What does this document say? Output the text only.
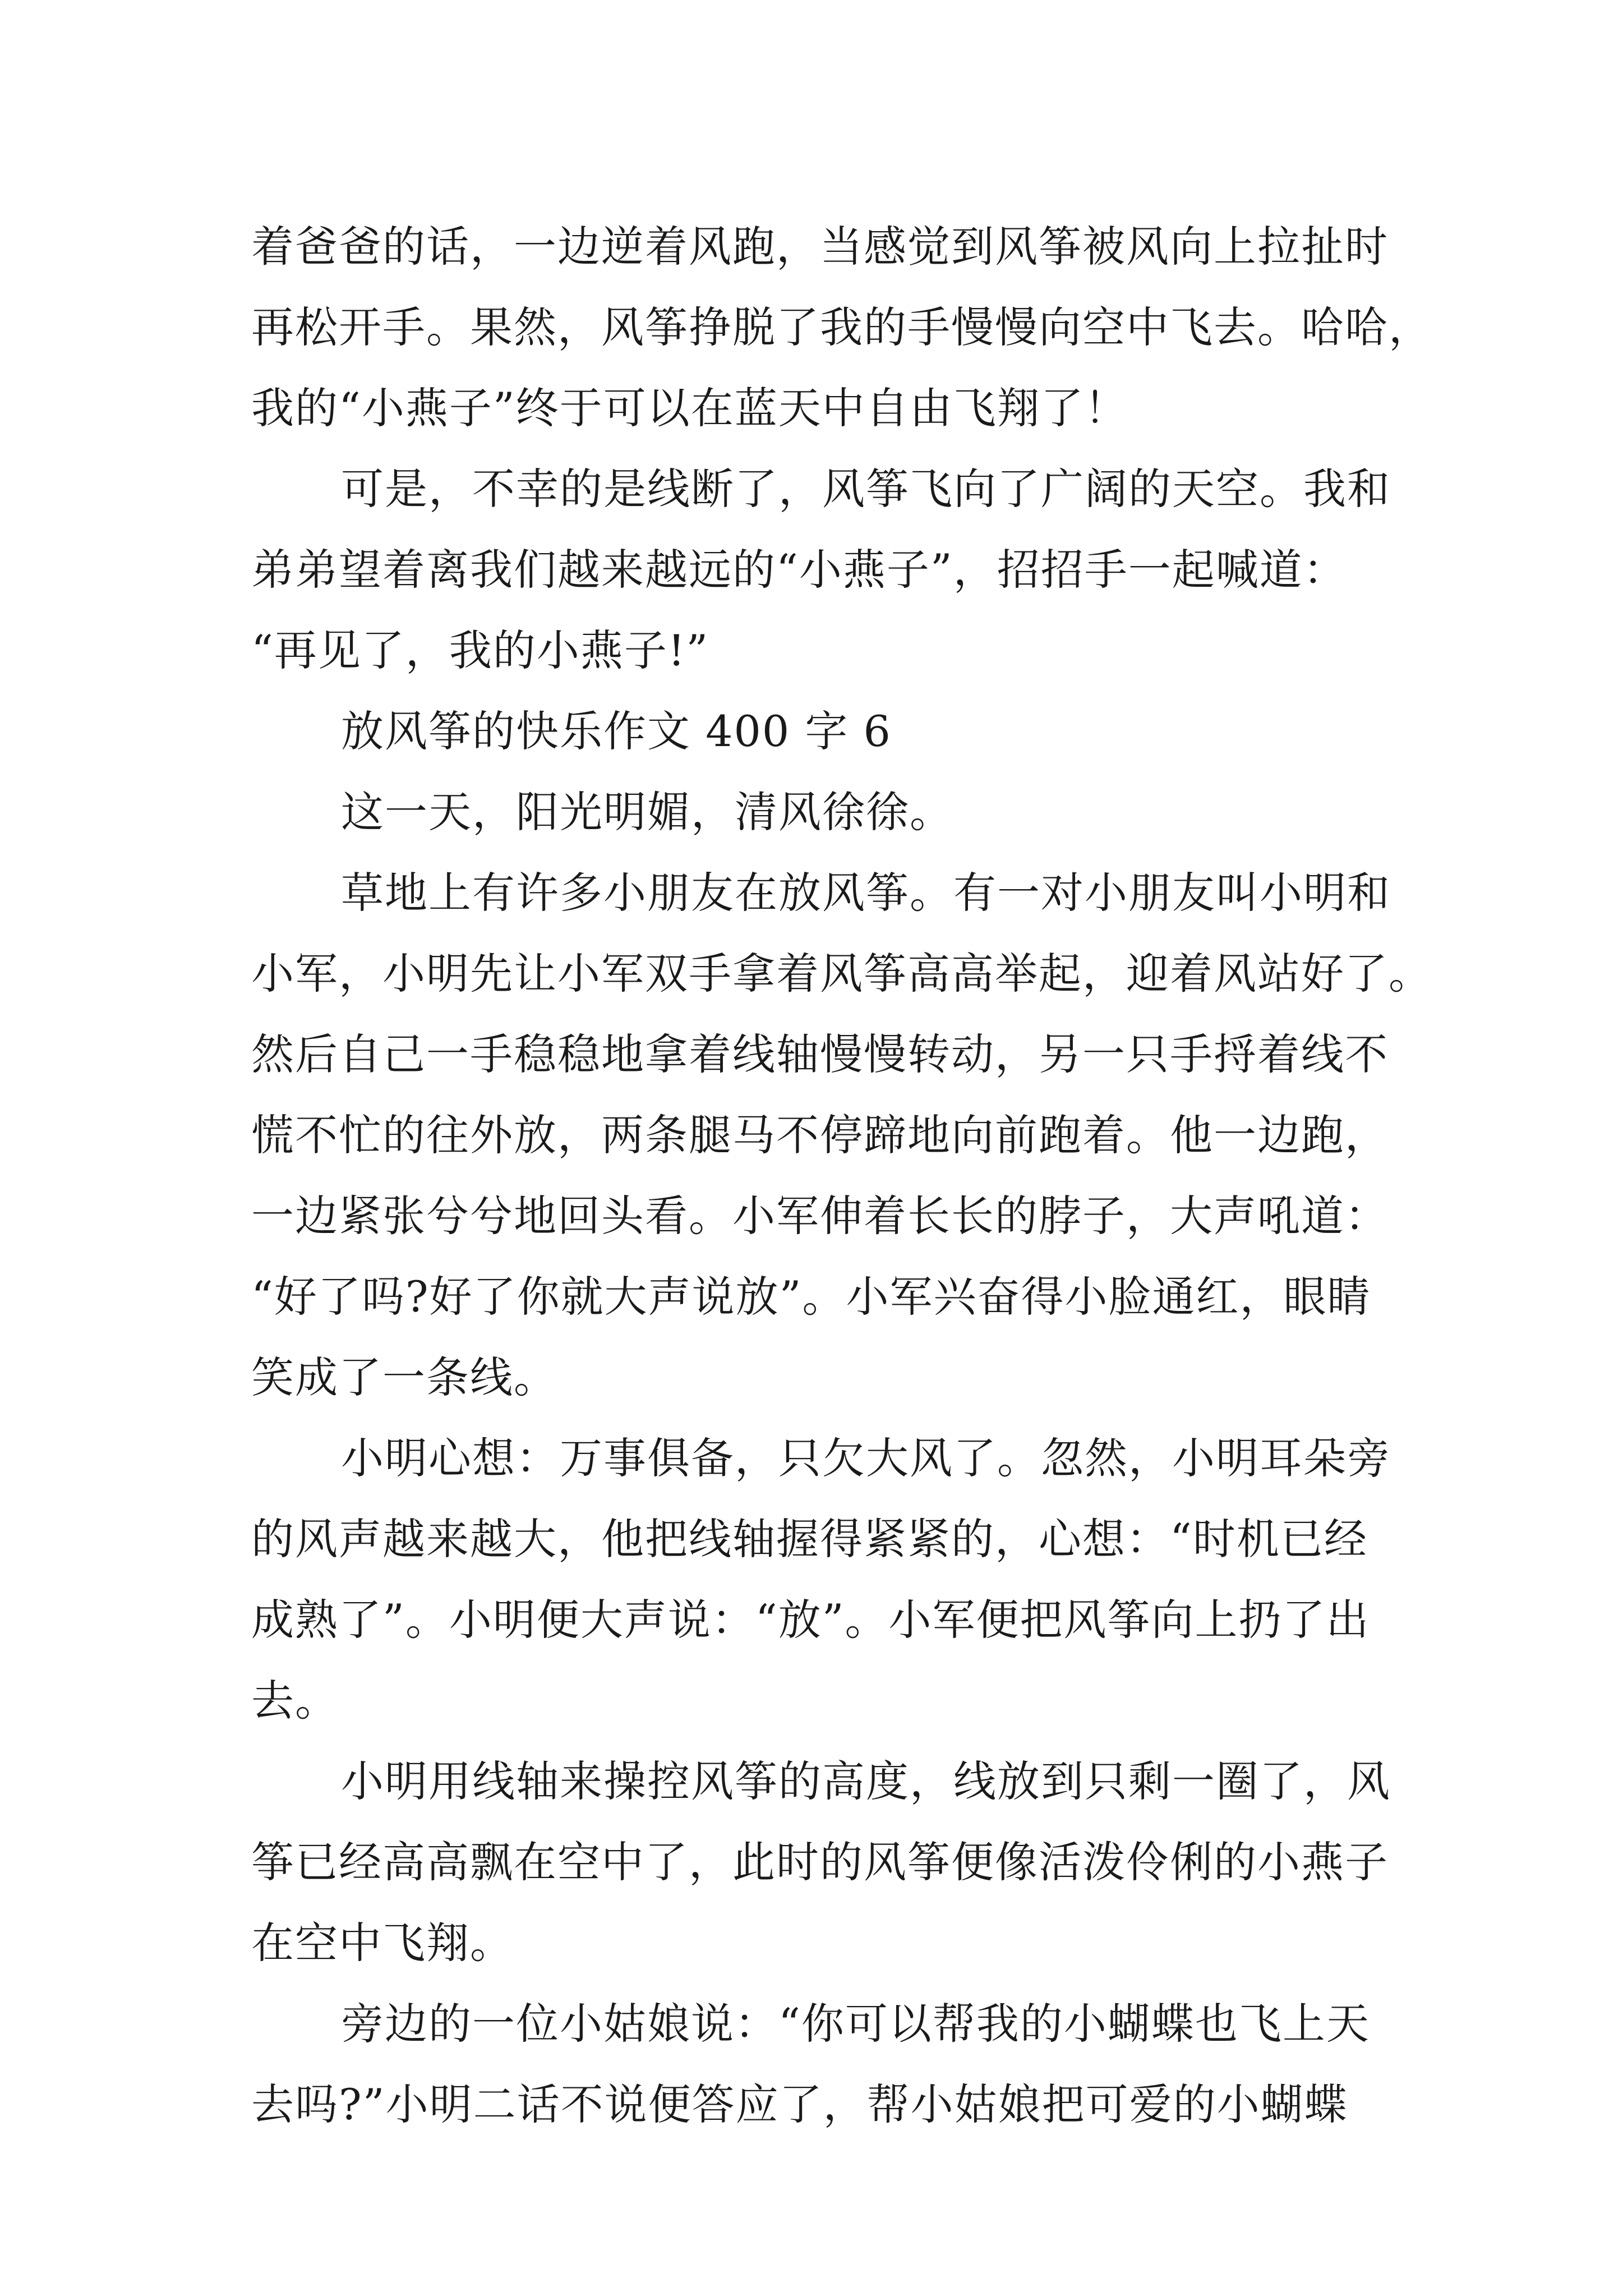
着爸爸的话，一边逆着风跑，当感觉到风筝被风向上拉扯时
再松开手。果然，风筝挣脱了我的手慢慢向空中飞去。哈哈，
我的“小燕子”终于可以在蓝天中自由飞翔了！
可是，不幸的是线断了，风筝飞向了广阔的天空。我和
弟弟望着离我们越来越远的“小燕子”，招招手一起喊道：
“再见了，我的小燕子!”
放风筝的快乐作文 400 字 6
这一天，阳光明媚，清风徐徐。
草地上有许多小朋友在放风筝。有一对小朋友叫小明和
小军，小明先让小军双手拿着风筝高高举起，迎着风站好了。
然后自己一手稳稳地拿着线轴慢慢转动，另一只手捋着线不
慌不忙的往外放，两条腿马不停蹄地向前跑着。他一边跑，
一边紧张兮兮地回头看。小军伸着长长的脖子，大声吼道：
“好了吗?好了你就大声说放”。小军兴奋得小脸通红，眼睛
笑成了一条线。
小明心想：万事俱备，只欠大风了。忽然，小明耳朵旁
的风声越来越大，他把线轴握得紧紧的，心想：“时机已经
成熟了”。小明便大声说：“放”。小军便把风筝向上扔了出
去。
小明用线轴来操控风筝的高度，线放到只剩一圈了，风
筝已经高高飘在空中了，此时的风筝便像活泼伶俐的小燕子
在空中飞翔。
旁边的一位小姑娘说：“你可以帮我的小蝴蝶也飞上天
去吗?”小明二话不说便答应了，帮小姑娘把可爱的小蝴蝶
